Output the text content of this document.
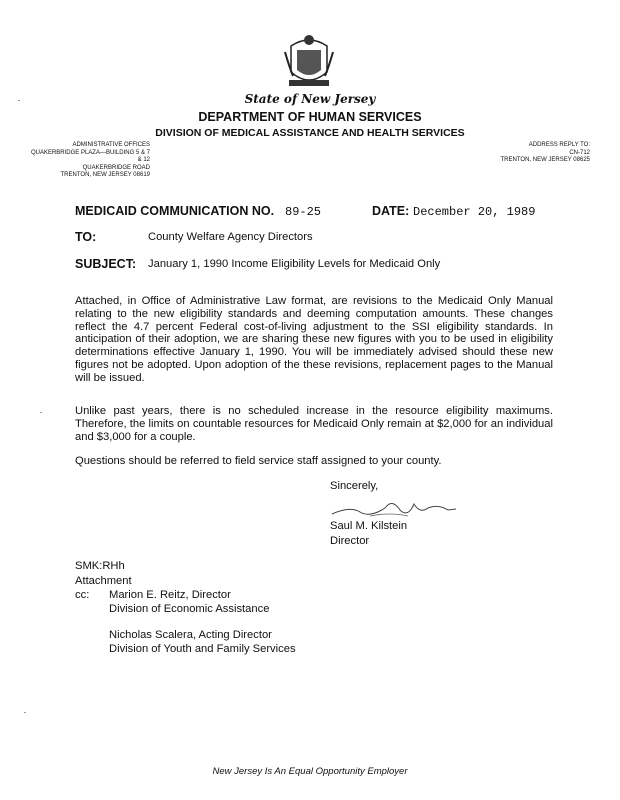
State of New Jersey
DEPARTMENT OF HUMAN SERVICES
DIVISION OF MEDICAL ASSISTANCE AND HEALTH SERVICES
ADMINISTRATIVE OFFICES
QUAKERBRIDGE PLAZA—BUILDING 5 & 7 & 12
QUAKERBRIDGE ROAD
TRENTON, NEW JERSEY 08619
ADDRESS REPLY TO:
CN-712
TRENTON, NEW JERSEY 08625
MEDICAID COMMUNICATION NO. 89-25	DATE: December 20, 1989
TO:	County Welfare Agency Directors
SUBJECT: January 1, 1990 Income Eligibility Levels for Medicaid Only
Attached, in Office of Administrative Law format, are revisions to the Medicaid Only Manual relating to the new eligibility standards and deeming computation amounts. These changes reflect the 4.7 percent Federal cost-of-living adjustment to the SSI eligibility standards. In anticipation of their adoption, we are sharing these new figures with you to be used in eligibility determinations effective January 1, 1990. You will be immediately advised should these new figures not be adopted. Upon adoption of the these revisions, replacement pages to the Manual will be issued.
Unlike past years, there is no scheduled increase in the resource eligibility maximums. Therefore, the limits on countable resources for Medicaid Only remain at $2,000 for an individual and $3,000 for a couple.
Questions should be referred to field service staff assigned to your county.
Sincerely,
Saul M. Kilstein
Director
SMK:RHh
Attachment
cc: Marion E. Reitz, Director
Division of Economic Assistance
Nicholas Scalera, Acting Director
Division of Youth and Family Services
New Jersey Is An Equal Opportunity Employer
